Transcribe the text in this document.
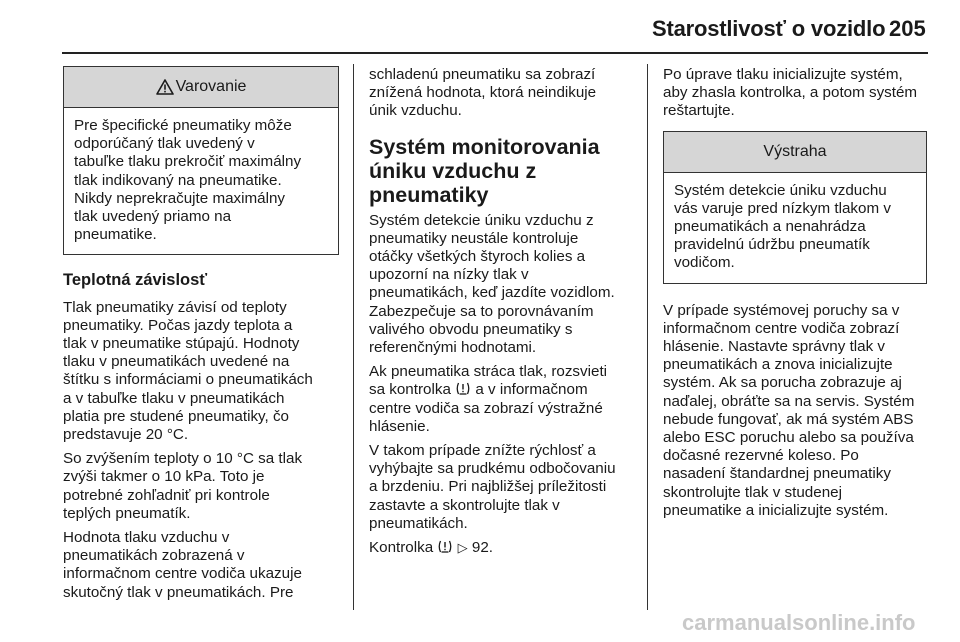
Starostlivosť o vozidlo 205
Varovanie
Pre špecifické pneumatiky môže
odporúčaný tlak uvedený v
tabuľke tlaku prekročiť maximálny
tlak indikovaný na pneumatike.
Nikdy neprekračujte maximálny
tlak uvedený priamo na
pneumatike.
Teplotná závislosť

Tlak pneumatiky závisí od teploty
pneumatiky. Počas jazdy teplota a
tlak v pneumatike stúpajú. Hodnoty
tlaku v pneumatikách uvedené na
štítku s informáciami o pneumatikách
a v tabuľke tlaku v pneumatikách
platia pre studené pneumatiky, čo
predstavuje 20 °C.

So zvýšením teploty o 10 °C sa tlak
zvýši takmer o 10 kPa. Toto je
potrebné zohľadniť pri kontrole
teplých pneumatík.

Hodnota tlaku vzduchu v
pneumatikách zobrazená v
informačnom centre vodiča ukazuje
skutočný tlak v pneumatikách. Pre

schladenú pneumatiku sa zobrazí
znížená hodnota, ktorá neindikuje
únik vzduchu.

Systém monitorovania
úniku vzduchu z
pneumatiky

Systém detekcie úniku vzduchu z
pneumatiky neustále kontroluje
otáčky všetkých štyroch kolies a
upozorní na nízky tlak v
pneumatikách, keď jazdíte vozidlom.
Zabezpečuje sa to porovnávaním
valivého obvodu pneumatiky s
referenčnými hodnotami.

Ak pneumatika stráca tlak, rozsvieti
sa kontrolka  a v informačnom
centre vodiča sa zobrazí výstražné
hlásenie.

V takom prípade znížte rýchlosť a
vyhýbajte sa prudkému odbočovaniu
a brzdeniu. Pri najbližšej príležitosti
zastavte a skontrolujte tlak v
pneumatikách.

Kontrolka ▷ 92.

Po úprave tlaku inicializujte systém,
aby zhasla kontrolka, a potom systém
reštartujte.

Výstraha
Systém detekcie úniku vzduchu
vás varuje pred nízkym tlakom v
pneumatikách a nenahrádza
pravidelnú údržbu pneumatík
vodičom.

V prípade systémovej poruchy sa v
informačnom centre vodiča zobrazí
hlásenie. Nastavte správny tlak v
pneumatikách a znova inicializujte
systém. Ak sa porucha zobrazuje aj
naďalej, obráťte sa na servis. Systém
nebude fungovať, ak má systém ABS
alebo ESC poruchu alebo sa používa
dočasné rezervné koleso. Po
nasadení štandardnej pneumatiky
skontrolujte tlak v studenej
pneumatike a inicializujte systém.

carmanualsonline.info
